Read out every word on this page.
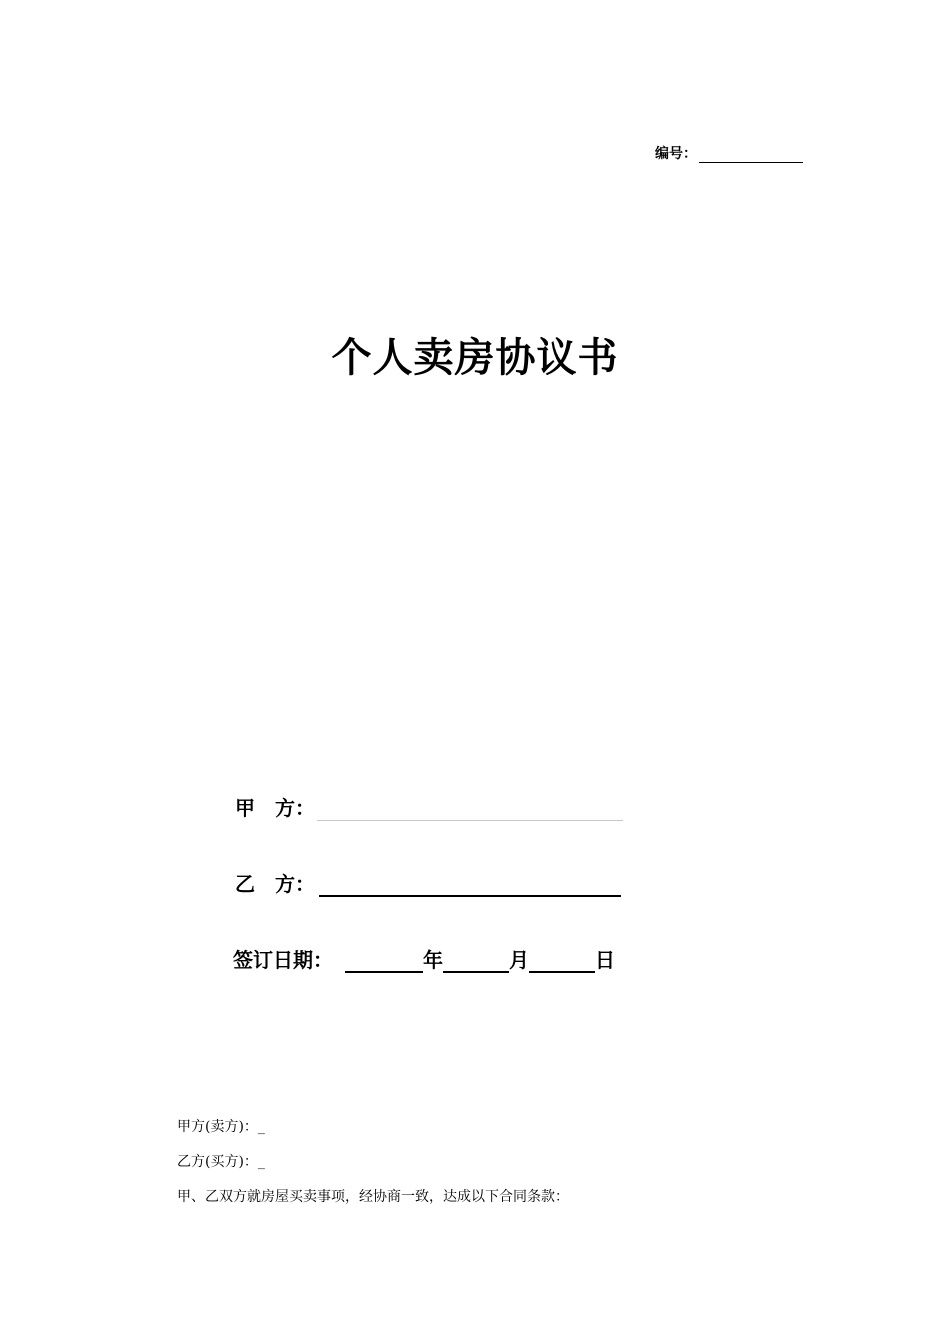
编号：
个人卖房协议书
甲　方：
乙　方：
签订日期：	年	月	日
甲方(卖方)：_
乙方(买方)：_
甲、乙双方就房屋买卖事项，经协商一致，达成以下合同条款：
